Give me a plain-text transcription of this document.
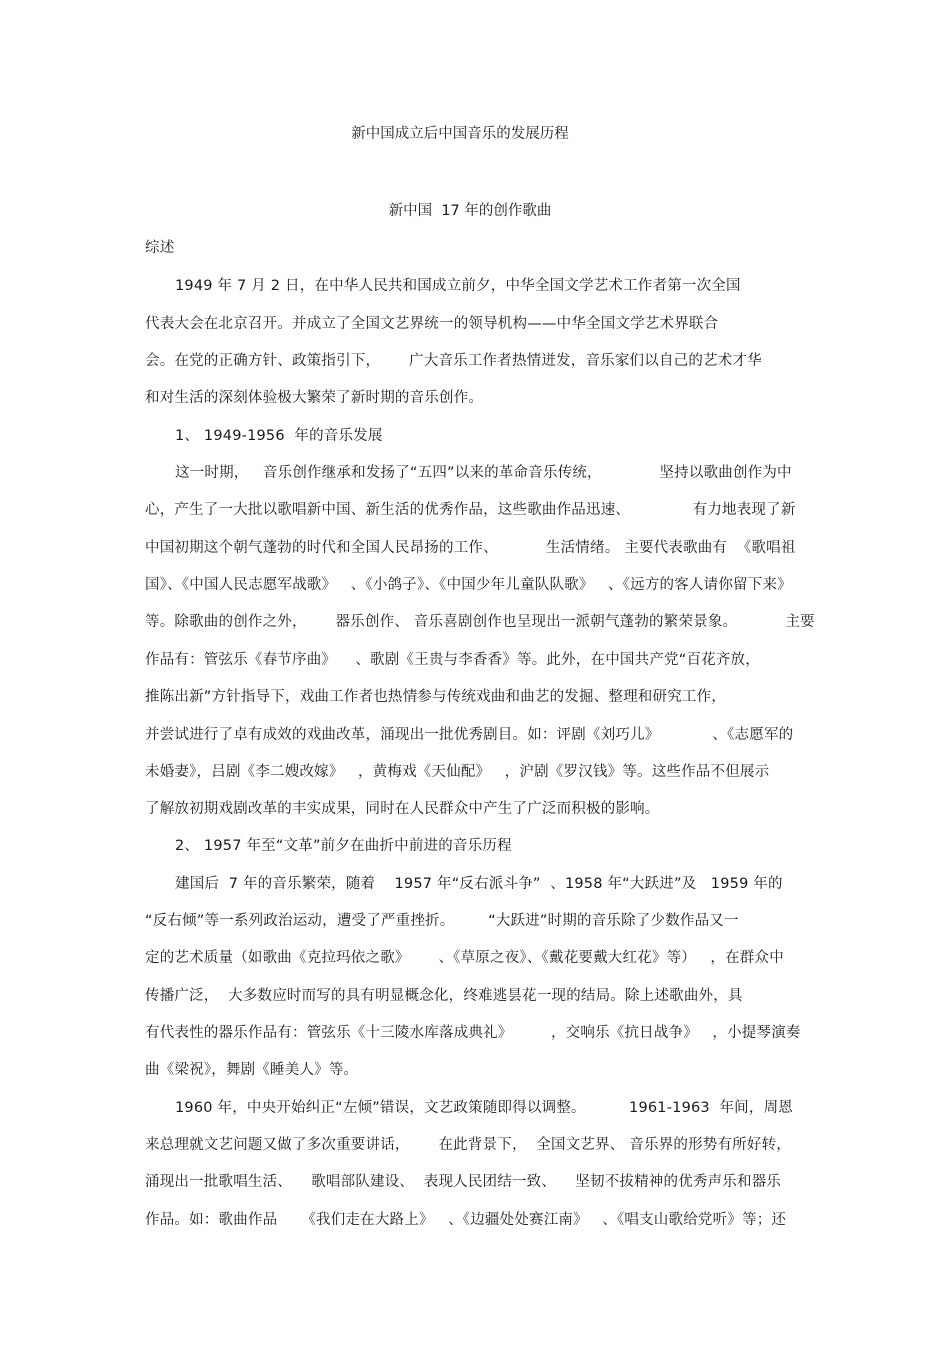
新中国成立后中国音乐的发展历程
新中国  17 年的创作歌曲
综述
1949 年 7 月 2 日，在中华人民共和国成立前夕，中华全国文学艺术工作者第一次全国
代表大会在北京召开。并成立了全国文艺界统一的领导机构——中华全国文学艺术界联合
会。在党的正确方针、政策指引下，      广大音乐工作者热情迸发，音乐家们以自己的艺术才华
和对生活的深刻体验极大繁荣了新时期的音乐创作。
1、 1949-1956  年的音乐发展
这一时期，   音乐创作继承和发扬了“五四”以来的革命音乐传统，            坚持以歌曲创作为中
心，产生了一大批以歌唱新中国、新生活的优秀作品，这些歌曲作品迅速、             有力地表现了新
中国初期这个朝气蓬勃的时代和全国人民昂扬的工作、          生活情绪。 主要代表歌曲有  《歌唱祖
国》、《中国人民志愿军战歌》   、《小鸽子》、《中国少年儿童队队歌》   、《远方的客人请你留下来》
等。除歌曲的创作之外，      器乐创作、 音乐喜剧创作也呈现出一派朝气蓬勃的繁荣景象。          主要
作品有：管弦乐《春节序曲》    、歌剧《王贵与李香香》等。此外，在中国共产党“百花齐放，
推陈出新”方针指导下，戏曲工作者也热情参与传统戏曲和曲艺的发掘、整理和研究工作，
并尝试进行了卓有成效的戏曲改革，涌现出一批优秀剧目。如：评剧《刘巧儿》           、《志愿军的
未婚妻》，吕剧《李二嫂改嫁》   ，黄梅戏《天仙配》   ，沪剧《罗汉钱》等。这些作品不但展示
了解放初期戏剧改革的丰实成果，同时在人民群众中产生了广泛而积极的影响。
2、 1957 年至“文革”前夕在曲折中前进的音乐历程
建国后  7 年的音乐繁荣，随着    1957 年“反右派斗争”  、1958 年“大跃进”及   1959 年的
“反右倾”等一系列政治运动，遭受了严重挫折。       “大跃进”时期的音乐除了少数作品又一
定的艺术质量（如歌曲《克拉玛依之歌》      、《草原之夜》、《戴花要戴大红花》等）   ，在群众中
传播广泛，  大多数应时而写的具有明显概念化，终难逃昙花一现的结局。除上述歌曲外，具
有代表性的器乐作品有：管弦乐《十三陵水库落成典礼》        ，交响乐《抗日战争》   ，小提琴演奏
曲《梁祝》，舞剧《睡美人》等。
1960 年，中央开始纠正“左倾”错误，文艺政策随即得以调整。         1961-1963  年间，周恩
来总理就文艺问题又做了多次重要讲话，      在此背景下，  全国文艺界、 音乐界的形势有所好转，
涌现出一批歌唱生活、    歌唱部队建设、  表现人民团结一致、    坚韧不拔精神的优秀声乐和器乐
作品。如：歌曲作品     《我们走在大路上》   、《边疆处处赛江南》   、《唱支山歌给党听》等；还
